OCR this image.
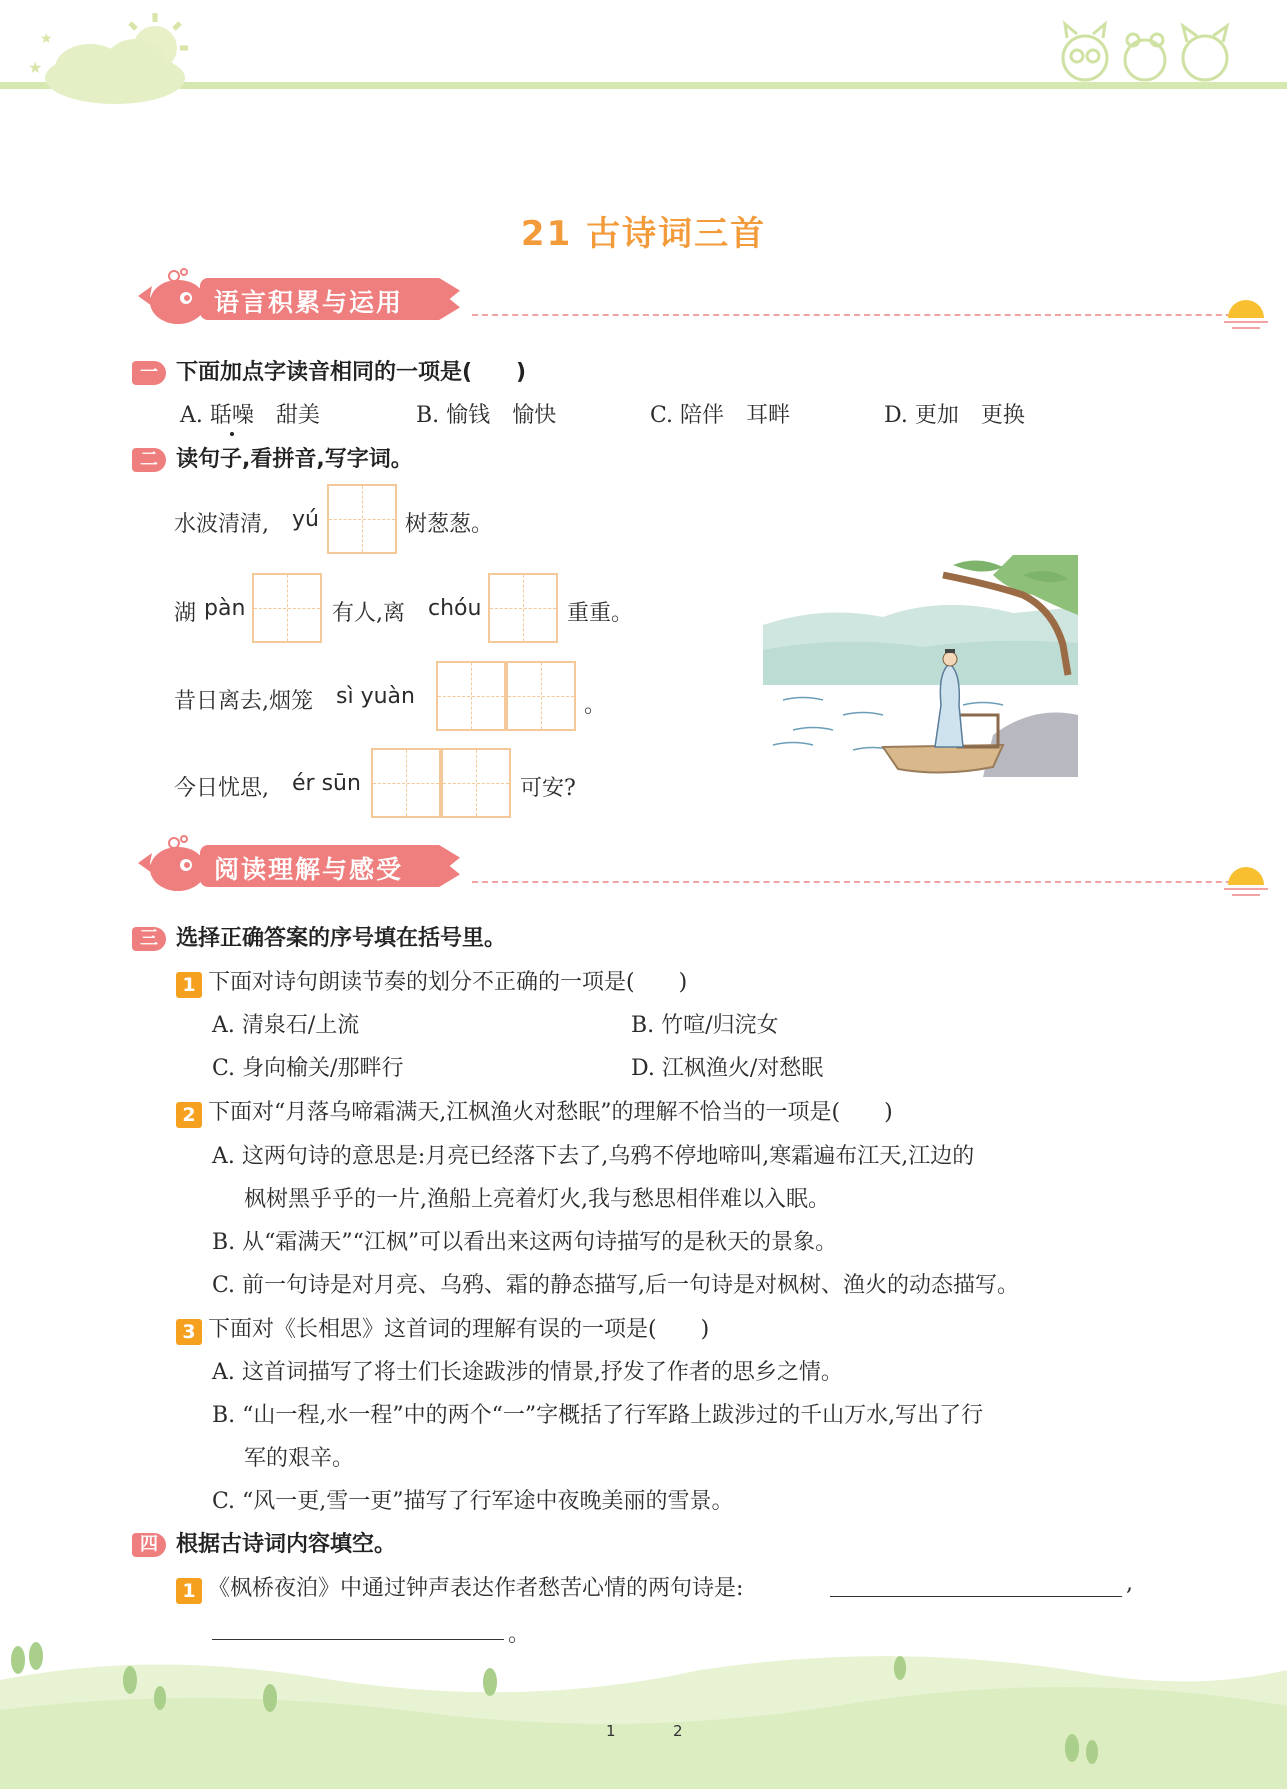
★
★
21 古诗词三首
语言积累与运用
一 下面加点字读音相同的一项是(　　)
A. 聒噪　 甜美	B. 愉钱　 愉快	C. 陪伴　 耳畔	D. 更加　 更换
二 读句子,看拼音,写字词。
水波清清, yú	树葱葱。
湖 pàn	有人,离 chóu	重重。
昔日离去,烟笼 sì yuàn	。
今日忧思, ér sūn	可安?
阅读理解与感受
三 选择正确答案的序号填在括号里。
1 下面对诗句朗读节奏的划分不正确的一项是(　　)
A. 清泉石/上流	B. 竹喧/归浣女
C. 身向榆关/那畔行	D. 江枫渔火/对愁眠
2 下面对“月落乌啼霜满天,江枫渔火对愁眠”的理解不恰当的一项是(　　)
A. 这两句诗的意思是:月亮已经落下去了,乌鸦不停地啼叫,寒霜遍布江天,江边的
枫树黑乎乎的一片,渔船上亮着灯火,我与愁思相伴难以入眠。
B. 从“霜满天”“江枫”可以看出来这两句诗描写的是秋天的景象。
C. 前一句诗是对月亮、乌鸦、霜的静态描写,后一句诗是对枫树、渔火的动态描写。
3 下面对《长相思》这首词的理解有误的一项是(　　)
A. 这首词描写了将士们长途跋涉的情景,抒发了作者的思乡之情。
B. “山一程,水一程”中的两个“一”字概括了行军路上跋涉过的千山万水,写出了行
军的艰辛。
C. “风一更,雪一更”描写了行军途中夜晚美丽的雪景。
四 根据古诗词内容填空。
1 《枫桥夜泊》中通过钟声表达作者愁苦心情的两句诗是:	,
。
1	2
